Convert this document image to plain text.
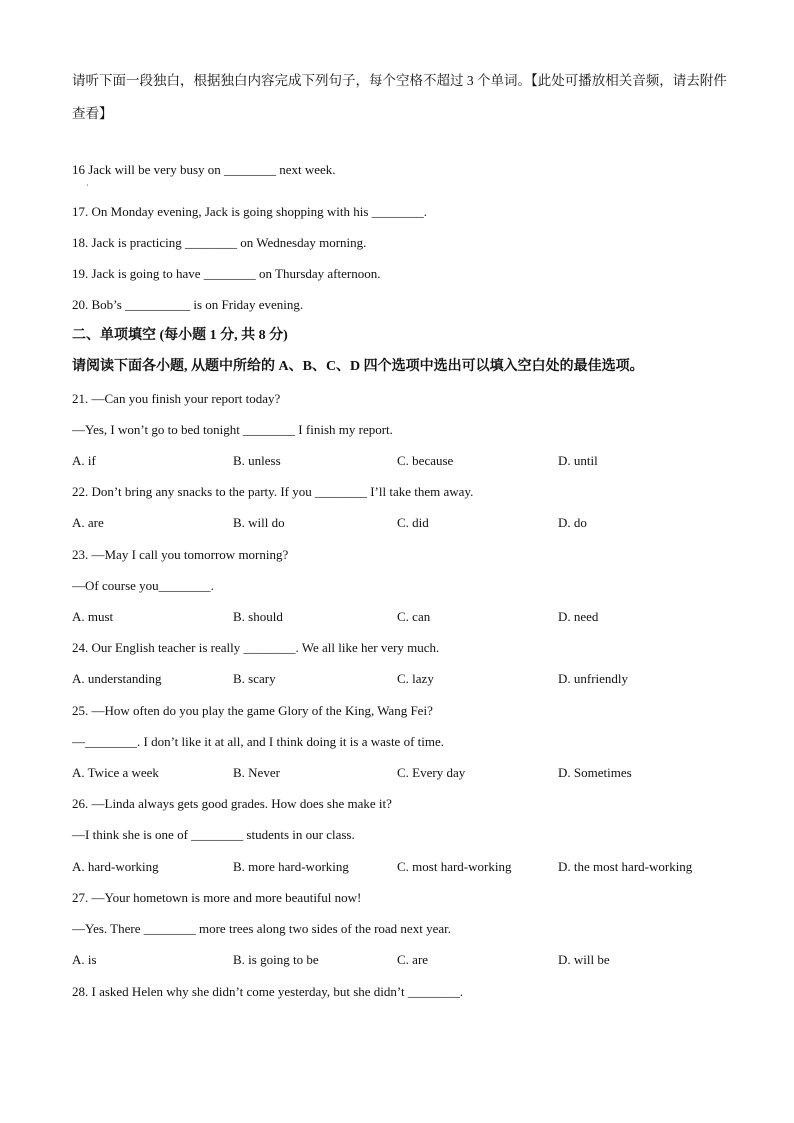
请听下面一段独白，根据独白内容完成下列句子，每个空格不超过 3 个单词。【此处可播放相关音频，请去附件查看】
·
16 Jack will be very busy on ________ next week.
17. On Monday evening, Jack is going shopping with his ________.
18. Jack is practicing ________ on Wednesday morning.
19. Jack is going to have ________ on Thursday afternoon.
20. Bob’s __________ is on Friday evening.
二、单项填空 (每小题 1 分, 共 8 分)
请阅读下面各小题, 从题中所给的 A、B、C、D 四个选项中选出可以填入空白处的最佳选项。
21. —Can you finish your report today?
—Yes, I won’t go to bed tonight ________ I finish my report.
A. if	B. unless	C. because	D. until
22. Don’t bring any snacks to the party. If you ________ I’ll take them away.
A. are	B. will do	C. did	D. do
23. —May I call you tomorrow morning?
—Of course you________.
A. must	B. should	C. can	D. need
24. Our English teacher is really ________. We all like her very much.
A. understanding	B. scary	C. lazy	D. unfriendly
25. —How often do you play the game Glory of the King, Wang Fei?
—________. I don’t like it at all, and I think doing it is a waste of time.
A. Twice a week	B. Never	C. Every day	D. Sometimes
26. —Linda always gets good grades. How does she make it?
—I think she is one of ________ students in our class.
A. hard-working	B. more hard-working	C. most hard-working	D. the most hard-working
27. —Your hometown is more and more beautiful now!
—Yes. There ________ more trees along two sides of the road next year.
A. is	B. is going to be	C. are	D. will be
28. I asked Helen why she didn’t come yesterday, but she didn’t ________.
